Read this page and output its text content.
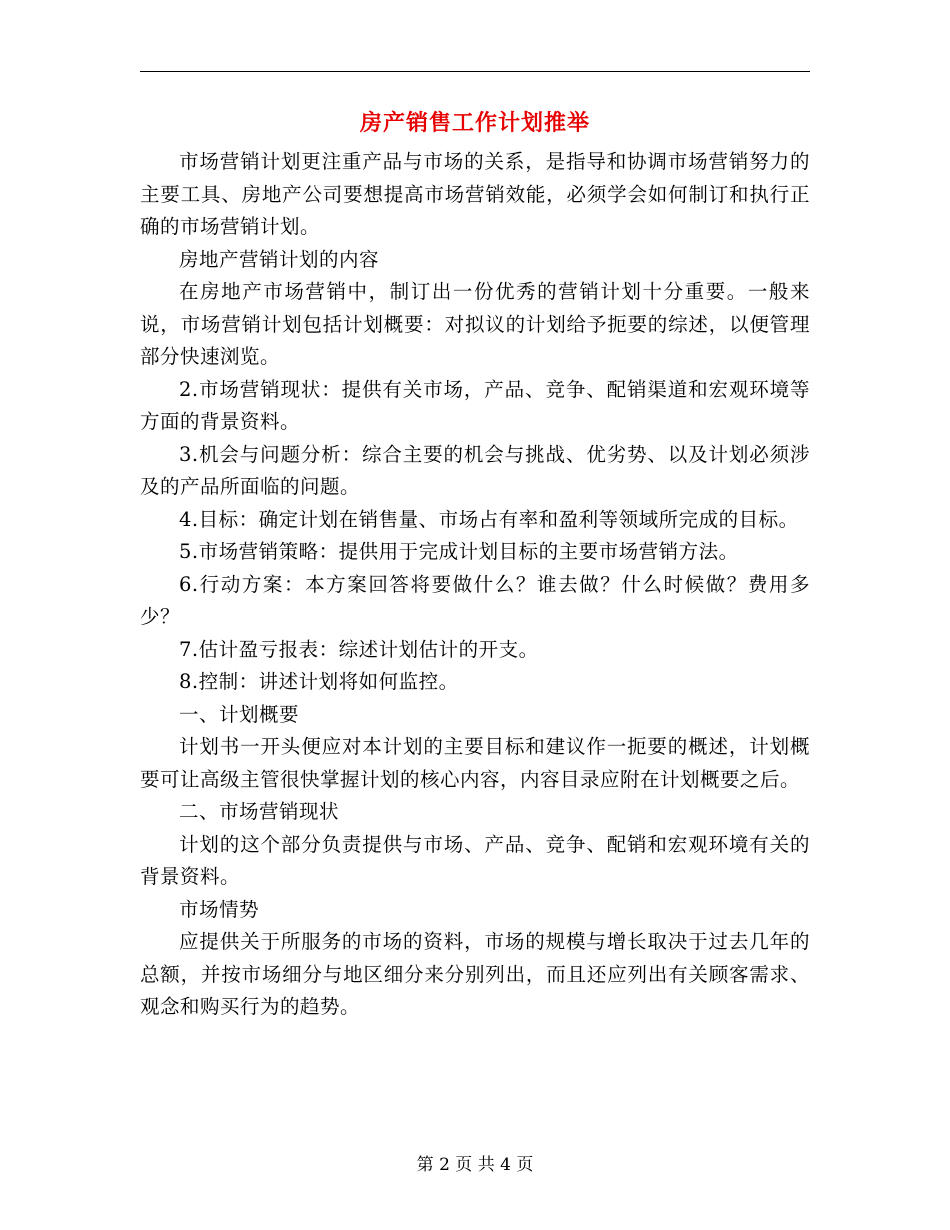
房产销售工作计划推举

市场营销计划更注重产品与市场的关系，是指导和协调市场营销努力的主要工具、房地产公司要想提高市场营销效能，必须学会如何制订和执行正确的市场营销计划。

房地产营销计划的内容

在房地产市场营销中，制订出一份优秀的营销计划十分重要。一般来说，市场营销计划包括计划概要：对拟议的计划给予扼要的综述，以便管理部分快速浏览。

2.市场营销现状：提供有关市场，产品、竞争、配销渠道和宏观环境等方面的背景资料。

3.机会与问题分析：综合主要的机会与挑战、优劣势、以及计划必须涉及的产品所面临的问题。

4.目标：确定计划在销售量、市场占有率和盈利等领域所完成的目标。

5.市场营销策略：提供用于完成计划目标的主要市场营销方法。

6.行动方案：本方案回答将要做什么？谁去做？什么时候做？费用多少？

7.估计盈亏报表：综述计划估计的开支。

8.控制：讲述计划将如何监控。

一、计划概要

计划书一开头便应对本计划的主要目标和建议作一扼要的概述，计划概要可让高级主管很快掌握计划的核心内容，内容目录应附在计划概要之后。

二、市场营销现状

计划的这个部分负责提供与市场、产品、竞争、配销和宏观环境有关的背景资料。

市场情势

应提供关于所服务的市场的资料，市场的规模与增长取决于过去几年的总额，并按市场细分与地区细分来分别列出，而且还应列出有关顾客需求、观念和购买行为的趋势。

第 2 页 共 4 页
